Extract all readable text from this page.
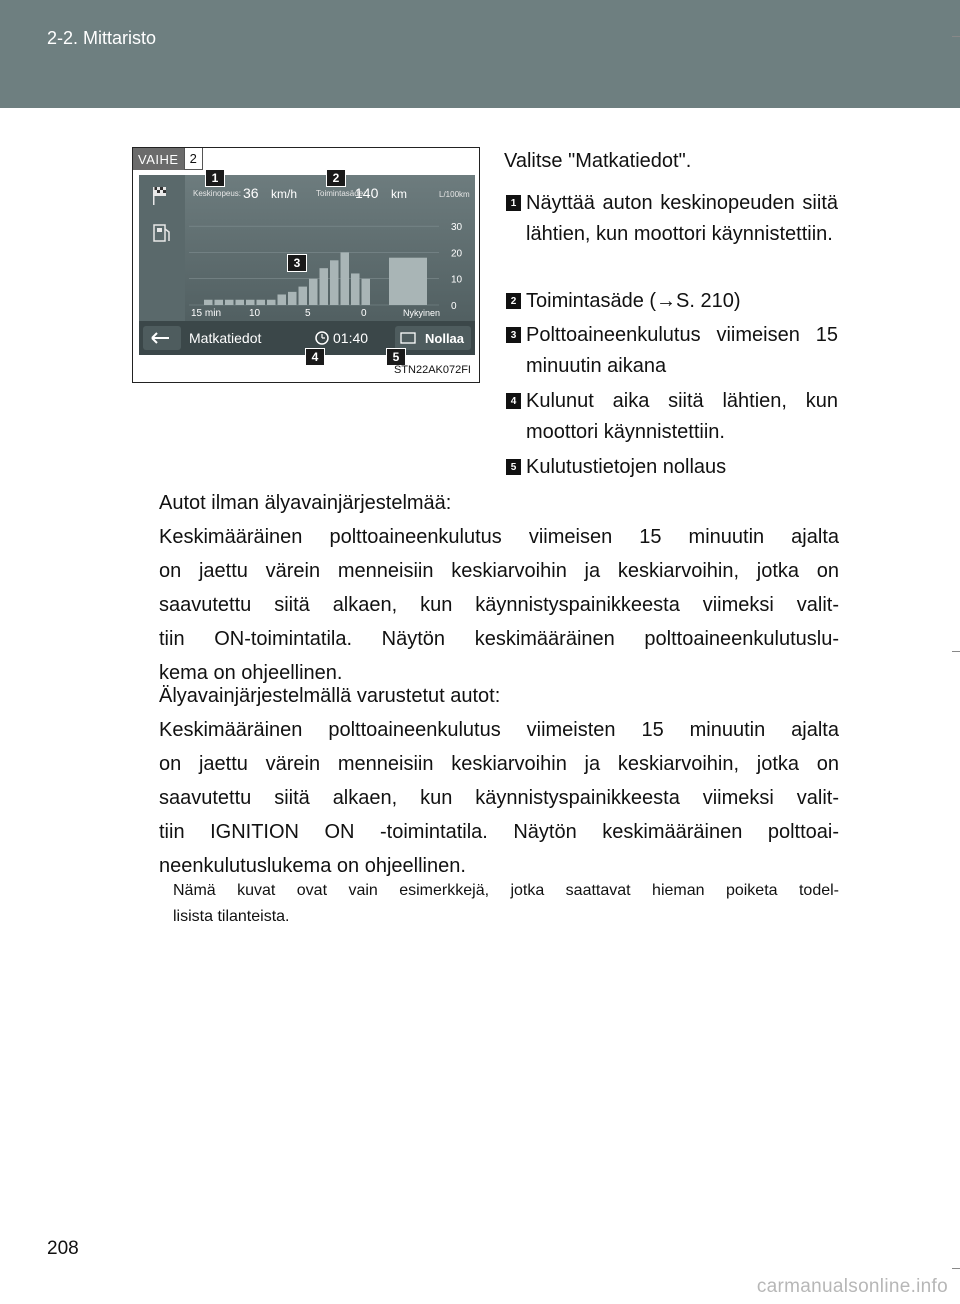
2-2. Mittaristo
VAIHE 2
Keskinopeus: 36 km/h Toimintasäde:
140 km	L/100km
30
20
10
0
15 min	10	5	0	Nykyinen
Matkatiedot	01:40	Nollaa
1	2
3
4	5
STN22AK072FI
Valitse "Matkatiedot".
1 Näyttää auton keskinopeuden siitä lähtien, kun moottori käynnistettiin.
2 Toimintasäde (→S. 210)
3 Polttoaineenkulutus viimeisen 15 minuutin aikana
4 Kulunut aika siitä lähtien, kun moottori käynnistettiin.
5 Kulutustietojen nollaus
Autot ilman älyavainjärjestelmää:
Keskimääräinen polttoaineenkulutus viimeisen 15 minuutin ajalta
on jaettu värein menneisiin keskiarvoihin ja keskiarvoihin, jotka on
saavutettu siitä alkaen, kun käynnistyspainikkeesta viimeksi valit-
tiin ON-toimintatila. Näytön keskimääräinen polttoaineenkulutuslu-
kema on ohjeellinen.
Älyavainjärjestelmällä varustetut autot:
Keskimääräinen polttoaineenkulutus viimeisten 15 minuutin ajalta
on jaettu värein menneisiin keskiarvoihin ja keskiarvoihin, jotka on
saavutettu siitä alkaen, kun käynnistyspainikkeesta viimeksi valit-
tiin IGNITION ON -toimintatila. Näytön keskimääräinen polttoai-
neenkulutuslukema on ohjeellinen.
Nämä kuvat ovat vain esimerkkejä, jotka saattavat hieman poiketa todel-
lisista tilanteista.
208
carmanualsonline.info
